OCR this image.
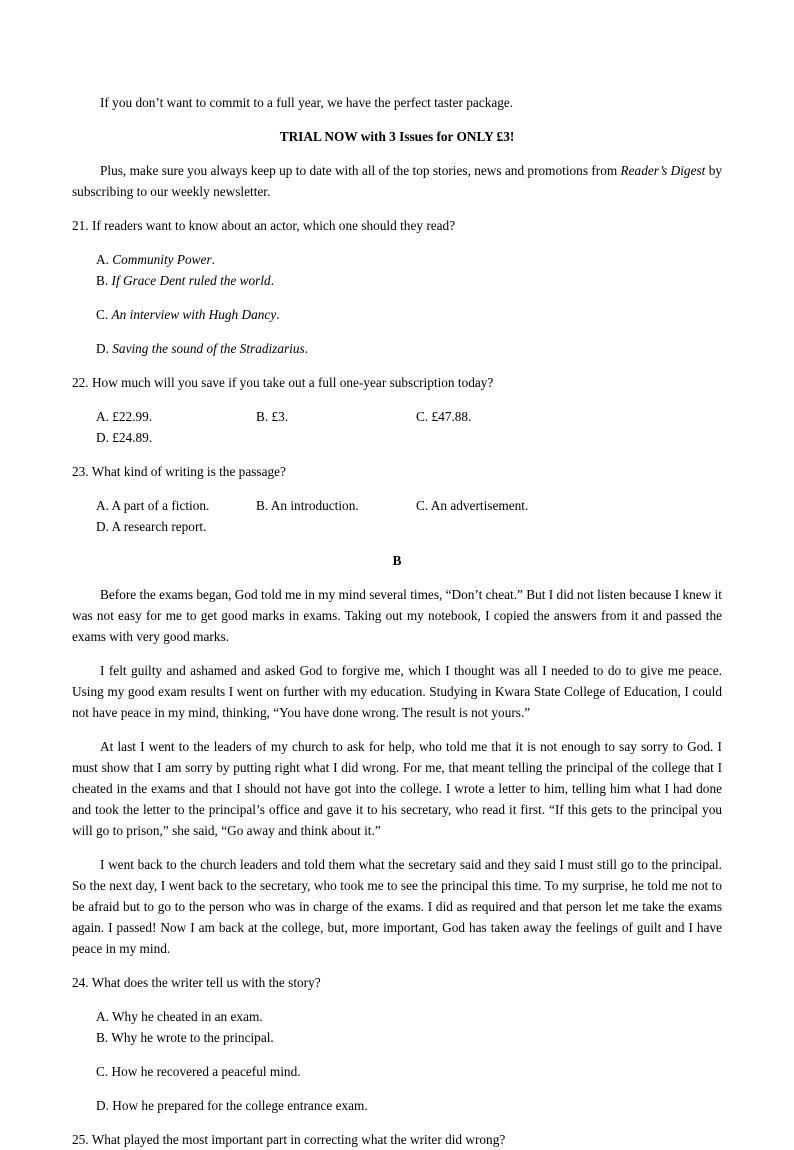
If you don’t want to commit to a full year, we have the perfect taster package.

TRIAL NOW with 3 Issues for ONLY £3!

Plus, make sure you always keep up to date with all of the top stories, news and promotions from Reader’s Digest by subscribing to our weekly newsletter.

21. If readers want to know about an actor, which one should they read?

A. Community Power.
B. If Grace Dent ruled the world.
C. An interview with Hugh Dancy.
D. Saving the sound of the Stradizarius.

22. How much will you save if you take out a full one-year subscription today?

A. £22.99.	B. £3.	C. £47.88.
D. £24.89.

23. What kind of writing is the passage?

A. A part of a fiction.	B. An introduction.	C. An advertisement.
D. A research report.

B

Before the exams began, God told me in my mind several times, “Don’t cheat.” But I did not listen because I knew it was not easy for me to get good marks in exams. Taking out my notebook, I copied the answers from it and passed the exams with very good marks.

I felt guilty and ashamed and asked God to forgive me, which I thought was all I needed to do to give me peace. Using my good exam results I went on further with my education. Studying in Kwara State College of Education, I could not have peace in my mind, thinking, “You have done wrong. The result is not yours.”

At last I went to the leaders of my church to ask for help, who told me that it is not enough to say sorry to God. I must show that I am sorry by putting right what I did wrong. For me, that meant telling the principal of the college that I cheated in the exams and that I should not have got into the college. I wrote a letter to him, telling him what I had done and took the letter to the principal’s office and gave it to his secretary, who read it first. “If this gets to the principal you will go to prison,” she said, “Go away and think about it.”

I went back to the church leaders and told them what the secretary said and they said I must still go to the principal. So the next day, I went back to the secretary, who took me to see the principal this time. To my surprise, he told me not to be afraid but to go to the person who was in charge of the exams. I did as required and that person let me take the exams again. I passed! Now I am back at the college, but, more important, God has taken away the feelings of guilt and I have peace in my mind.

24. What does the writer tell us with the story?

A. Why he cheated in an exam.
B. Why he wrote to the principal.
C. How he recovered a peaceful mind.
D. How he prepared for the college entrance exam.

25. What played the most important part in correcting what the writer did wrong?
